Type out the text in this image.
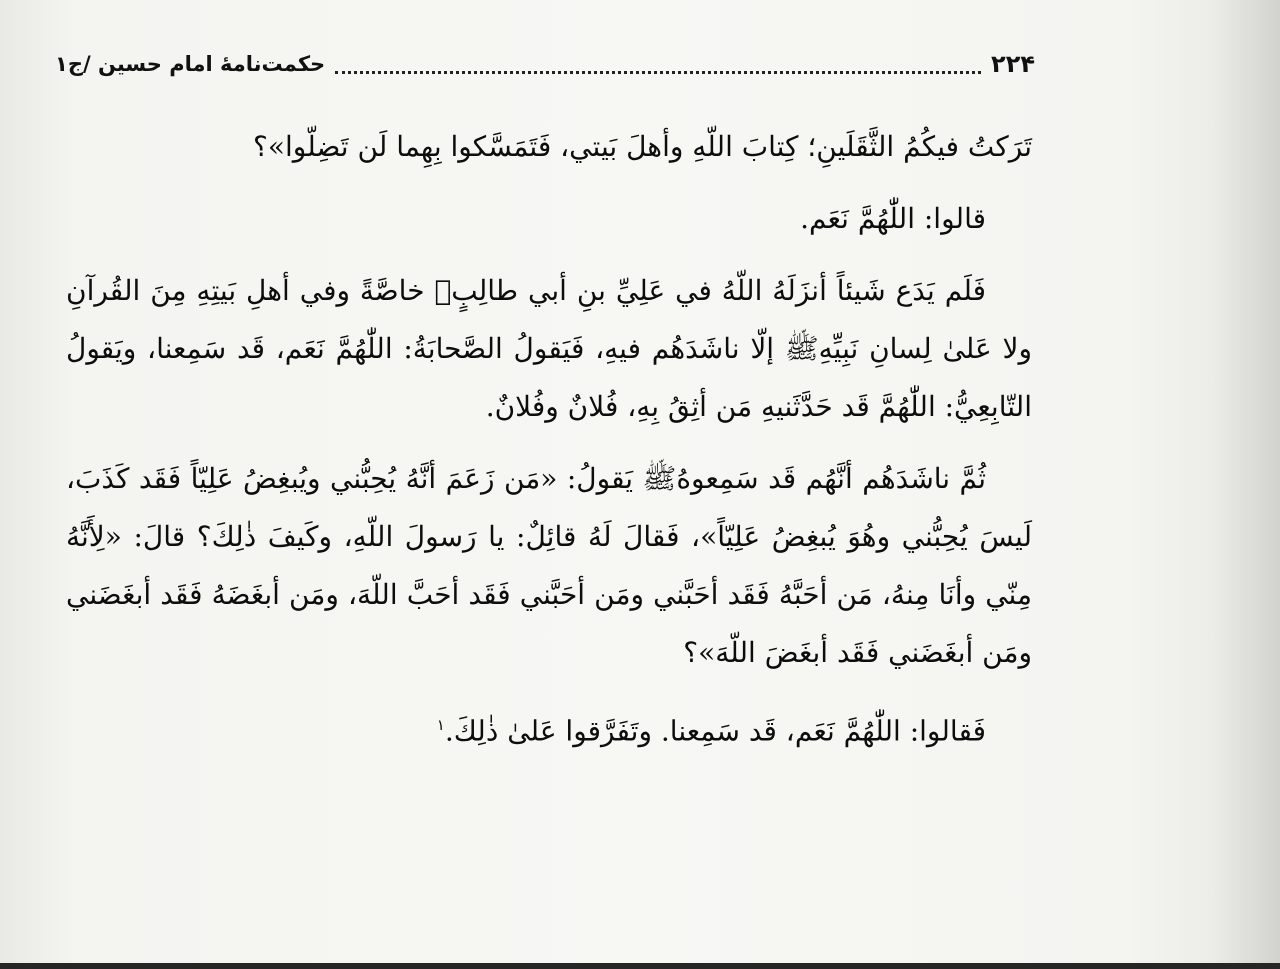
۲۲۴
حکمت‌نامهٔ امام حسین /ج۱

تَرَكتُ فيكُمُ الثَّقَلَينِ؛ كِتابَ اللّهِ وأهلَ بَيتي، فَتَمَسَّكوا بِهِما لَن تَضِلّوا»؟

قالوا: اللّٰهُمَّ نَعَم.

فَلَم يَدَع شَيئاً أنزَلَهُ اللّهُ في عَلِيِّ بنِ أبي طالِبٍ﷣ خاصَّةً وفي أهلِ بَيتِهِ مِنَ القُرآنِ ولا عَلىٰ لِسانِ نَبِيِّهِﷺ إلّا ناشَدَهُم فيهِ، فَيَقولُ الصَّحابَةُ: اللّٰهُمَّ نَعَم، قَد سَمِعنا، ويَقولُ التّابِعِيُّ: اللّٰهُمَّ قَد حَدَّثَنيهِ مَن أثِقُ بِهِ، فُلانٌ وفُلانٌ.

ثُمَّ ناشَدَهُم أنَّهُم قَد سَمِعوهُﷺ يَقولُ: «مَن زَعَمَ أنَّهُ يُحِبُّني ويُبغِضُ عَلِيّاً فَقَد كَذَبَ، لَيسَ يُحِبُّني وهُوَ يُبغِضُ عَلِيّاً»، فَقالَ لَهُ قائِلٌ: يا رَسولَ اللّهِ، وكَيفَ ذٰلِكَ؟ قالَ: «لِأَنَّهُ مِنّي وأنَا مِنهُ، مَن أحَبَّهُ فَقَد أحَبَّني ومَن أحَبَّني فَقَد أحَبَّ اللّهَ، ومَن أبغَضَهُ فَقَد أبغَضَني ومَن أبغَضَني فَقَد أبغَضَ اللّهَ»؟

فَقالوا: اللّٰهُمَّ نَعَم، قَد سَمِعنا. وتَفَرَّقوا عَلىٰ ذٰلِكَ.$^۱$
